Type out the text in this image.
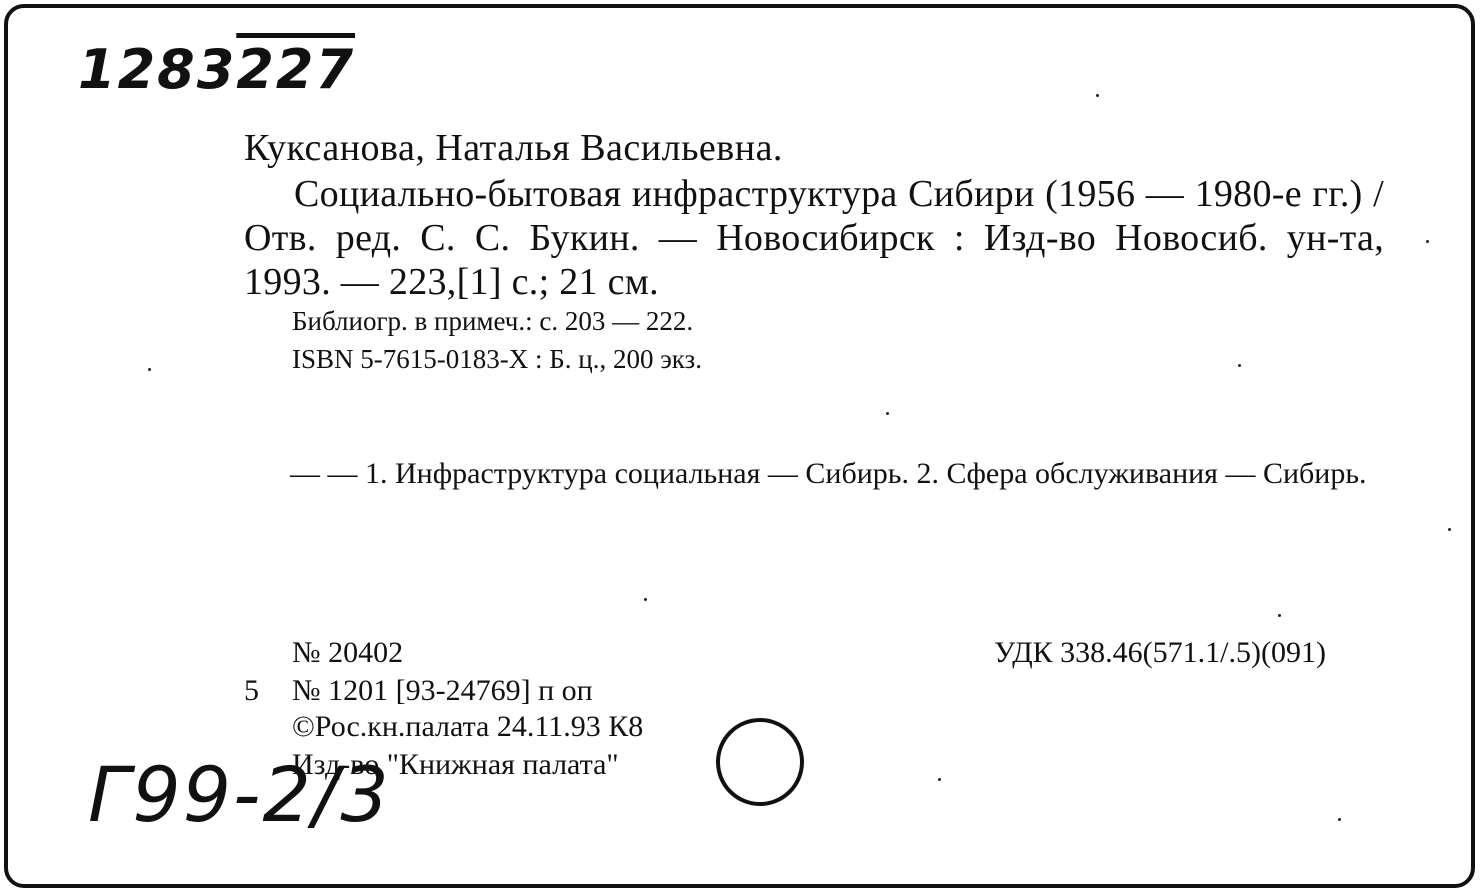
1283227
Куксанова, Наталья Васильевна.
Социально-бытовая инфраструктура Сибири (1956 — 1980-е гг.) / Отв. ред. С. С. Букин. — Новосибирск : Изд-во Новосиб. ун-та, 1993. — 223,[1] с.; 21 см.
Библиогр. в примеч.: с. 203 — 222.
ISBN 5-7615-0183-X : Б. ц., 200 экз.
— — 1. Инфраструктура социальная — Сибирь. 2. Сфера обслуживания — Сибирь.
№ 20402	УДК 338.46(571.1/.5)(091)
5 № 1201 [93-24769] п оп
©Рос.кн.палата 24.11.93 К8
Изд-во "Книжная палата"
Г99-2/3
